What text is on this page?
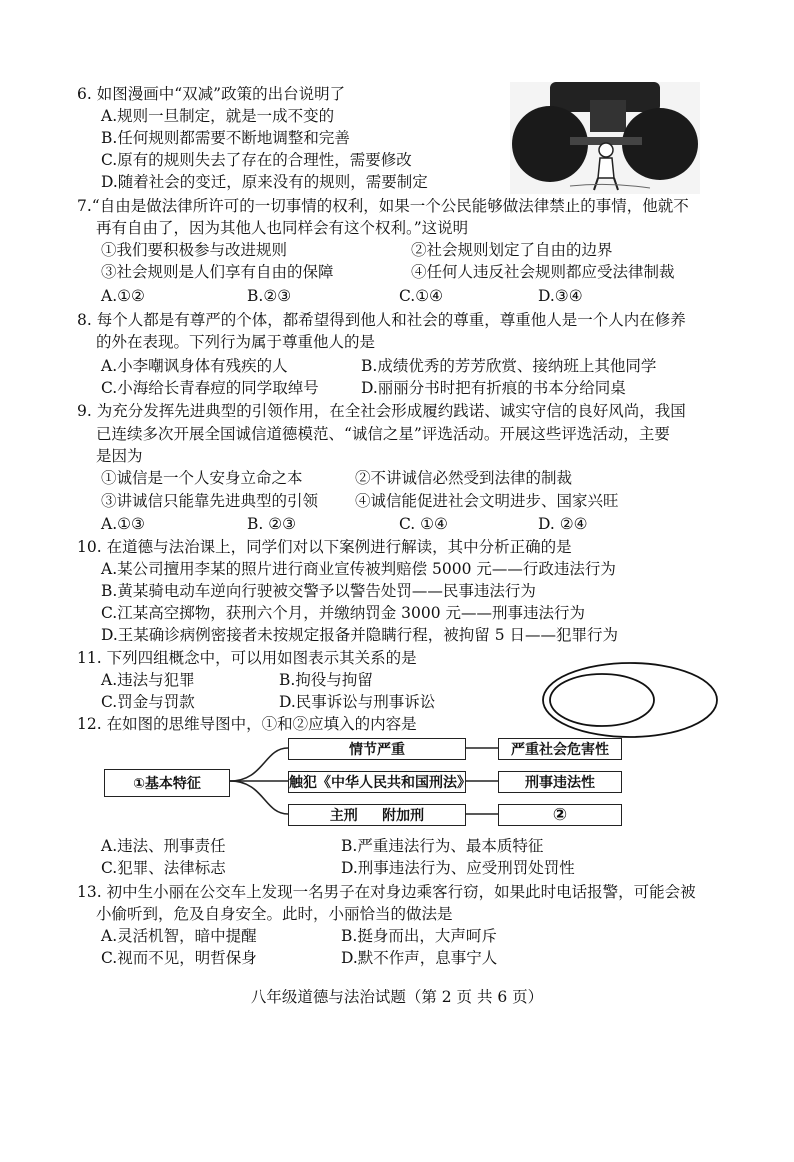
6. 如图漫画中“双减”政策的出台说明了
A.规则一旦制定，就是一成不变的
B.任何规则都需要不断地调整和完善
C.原有的规则失去了存在的合理性，需要修改
D.随着社会的变迁，原来没有的规则，需要制定
7.“自由是做法律所许可的一切事情的权利，如果一个公民能够做法律禁止的事情，他就不
再有自由了，因为其他人也同样会有这个权利。”这说明
①我们要积极参与改进规则	②社会规则划定了自由的边界
③社会规则是人们享有自由的保障	④任何人违反社会规则都应受法律制裁
A.①②	B.②③	C.①④	D.③④
8. 每个人都是有尊严的个体，都希望得到他人和社会的尊重，尊重他人是一个人内在修养
的外在表现。下列行为属于尊重他人的是
A.小李嘲讽身体有残疾的人	B.成绩优秀的芳芳欣赏、接纳班上其他同学
C.小海给长青春痘的同学取绰号	D.丽丽分书时把有折痕的书本分给同桌
9. 为充分发挥先进典型的引领作用，在全社会形成履约践诺、诚实守信的良好风尚，我国
已连续多次开展全国诚信道德模范、“诚信之星”评选活动。开展这些评选活动，主要
是因为
①诚信是一个人安身立命之本	②不讲诚信必然受到法律的制裁
③讲诚信只能靠先进典型的引领 ④诚信能促进社会文明进步、国家兴旺
A.①③	B. ②③	C. ①④	D. ②④
10. 在道德与法治课上，同学们对以下案例进行解读，其中分析正确的是
A.某公司擅用李某的照片进行商业宣传被判赔偿 5000 元——行政违法行为
B.黄某骑电动车逆向行驶被交警予以警告处罚——民事违法行为
C.江某高空掷物，获刑六个月，并缴纳罚金 3000 元——刑事违法行为
D.王某确诊病例密接者未按规定报备并隐瞒行程，被拘留 5 日——犯罪行为
11. 下列四组概念中，可以用如图表示其关系的是
A.违法与犯罪	B.拘役与拘留
C.罚金与罚款	D.民事诉讼与刑事诉讼
12. 在如图的思维导图中，①和②应填入的内容是
①基本特征
情节严重
触犯《中华人民共和国刑法》
主刑     附加刑
严重社会危害性
刑事违法性
②
A.违法、刑事责任	B.严重违法行为、最本质特征
C.犯罪、法律标志	D.刑事违法行为、应受刑罚处罚性
13. 初中生小丽在公交车上发现一名男子在对身边乘客行窃，如果此时电话报警，可能会被
小偷听到，危及自身安全。此时，小丽恰当的做法是
A.灵活机智，暗中提醒	B.挺身而出，大声呵斥
C.视而不见，明哲保身	D.默不作声，息事宁人
八年级道德与法治试题（第 2 页 共 6 页）
